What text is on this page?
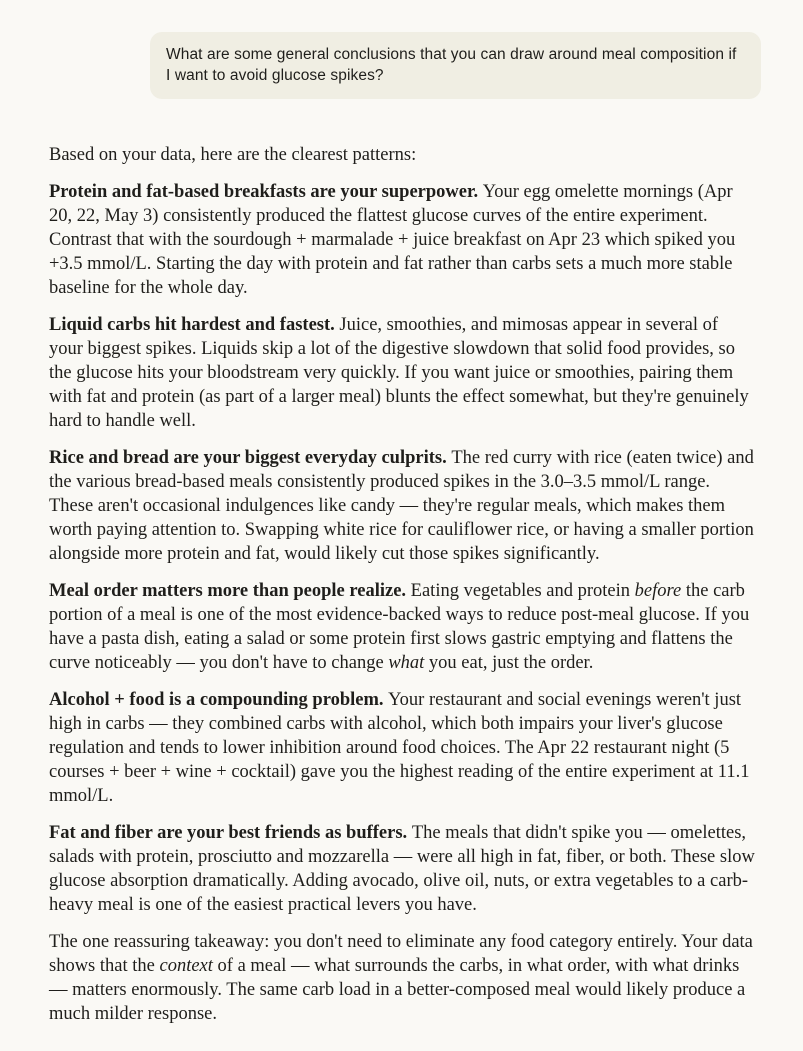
What are some general conclusions that you can draw around meal composition if I want to avoid glucose spikes?

Based on your data, here are the clearest patterns:

Protein and fat-based breakfasts are your superpower. Your egg omelette mornings (Apr 20, 22, May 3) consistently produced the flattest glucose curves of the entire experiment. Contrast that with the sourdough + marmalade + juice breakfast on Apr 23 which spiked you +3.5 mmol/L. Starting the day with protein and fat rather than carbs sets a much more stable baseline for the whole day.

Liquid carbs hit hardest and fastest. Juice, smoothies, and mimosas appear in several of your biggest spikes. Liquids skip a lot of the digestive slowdown that solid food provides, so the glucose hits your bloodstream very quickly. If you want juice or smoothies, pairing them with fat and protein (as part of a larger meal) blunts the effect somewhat, but they're genuinely hard to handle well.

Rice and bread are your biggest everyday culprits. The red curry with rice (eaten twice) and the various bread-based meals consistently produced spikes in the 3.0–3.5 mmol/L range. These aren't occasional indulgences like candy — they're regular meals, which makes them worth paying attention to. Swapping white rice for cauliflower rice, or having a smaller portion alongside more protein and fat, would likely cut those spikes significantly.

Meal order matters more than people realize. Eating vegetables and protein before the carb portion of a meal is one of the most evidence-backed ways to reduce post-meal glucose. If you have a pasta dish, eating a salad or some protein first slows gastric emptying and flattens the curve noticeably — you don't have to change what you eat, just the order.

Alcohol + food is a compounding problem. Your restaurant and social evenings weren't just high in carbs — they combined carbs with alcohol, which both impairs your liver's glucose regulation and tends to lower inhibition around food choices. The Apr 22 restaurant night (5 courses + beer + wine + cocktail) gave you the highest reading of the entire experiment at 11.1 mmol/L.

Fat and fiber are your best friends as buffers. The meals that didn't spike you — omelettes, salads with protein, prosciutto and mozzarella — were all high in fat, fiber, or both. These slow glucose absorption dramatically. Adding avocado, olive oil, nuts, or extra vegetables to a carb-heavy meal is one of the easiest practical levers you have.

The one reassuring takeaway: you don't need to eliminate any food category entirely. Your data shows that the context of a meal — what surrounds the carbs, in what order, with what drinks — matters enormously. The same carb load in a better-composed meal would likely produce a much milder response.
